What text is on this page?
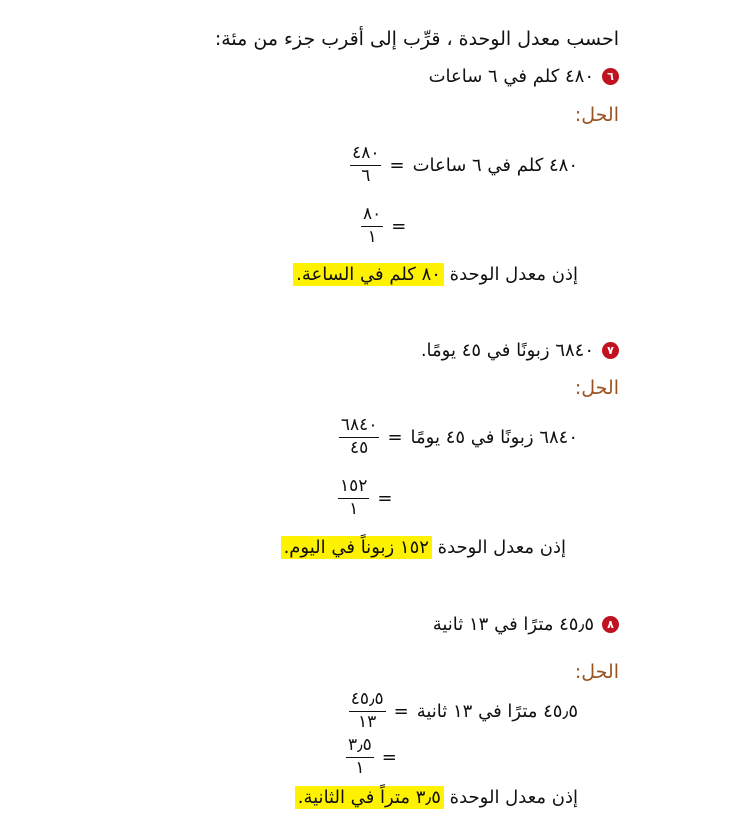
احسب معدل الوحدة ، قرِّب إلى أقرب جزء من مئة:
٦
٤٨٠ كلم في ٦ ساعات
الحل:
$\frac{٤٨٠}{٦}$ = ٤٨٠ كلم في ٦ ساعات
$\frac{٨٠}{١}$ =
إذن معدل الوحدة ٨٠ كلم في الساعة.
٧
٦٨٤٠ زبونًا في ٤٥ يومًا.
الحل:
$\frac{٦٨٤٠}{٤٥}$ = ٦٨٤٠ زبونًا في ٤٥ يومًا
$\frac{١٥٢}{١}$ =
إذن معدل الوحدة ١٥٢ زبوناً في اليوم.
٨
٤٥٫٥ مترًا في ١٣ ثانية
الحل:
$\frac{٤٥٫٥}{١٣}$ = ٤٥٫٥ مترًا في ١٣ ثانية
$\frac{٣٫٥}{١}$ =
إذن معدل الوحدة ٣٫٥ متراً في الثانية.
